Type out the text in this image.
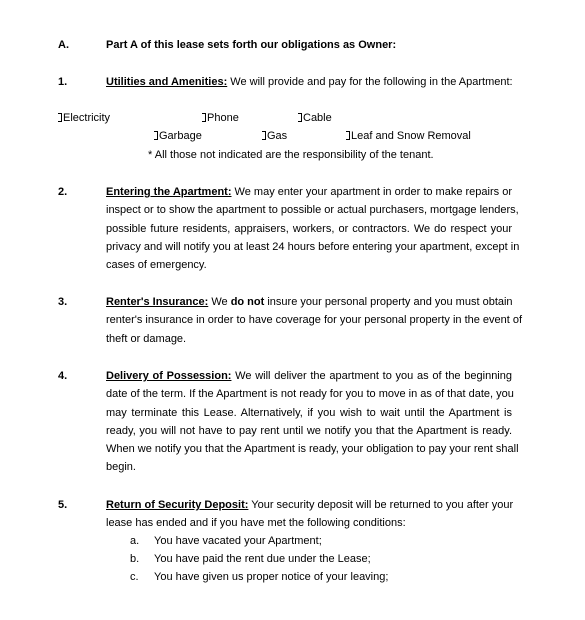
A.	Part A of this lease sets forth our obligations as Owner:
1.	Utilities and Amenities: We will provide and pay for the following in the Apartment:
Electricity	Phone	Cable
Garbage	Gas	Leaf and Snow Removal
* All those not indicated are the responsibility of the tenant.
2.	Entering the Apartment: We may enter your apartment in order to make repairs or
inspect or to show the apartment to possible or actual purchasers, mortgage lenders,
possible future residents, appraisers, workers, or contractors. We do respect your
privacy and will notify you at least 24 hours before entering your apartment, except in
cases of emergency.
3.	Renter's Insurance: We do not insure your personal property and you must obtain
renter's insurance in order to have coverage for your personal property in the event of
theft or damage.
4.	Delivery of Possession: We will deliver the apartment to you as of the beginning
date of the term. If the Apartment is not ready for you to move in as of that date, you
may terminate this Lease. Alternatively, if you wish to wait until the Apartment is
ready, you will not have to pay rent until we notify you that the Apartment is ready.
When we notify you that the Apartment is ready, your obligation to pay your rent shall
begin.
5.	Return of Security Deposit: Your security deposit will be returned to you after your
lease has ended and if you have met the following conditions:
a. You have vacated your Apartment;
b. You have paid the rent due under the Lease;
c. You have given us proper notice of your leaving;
